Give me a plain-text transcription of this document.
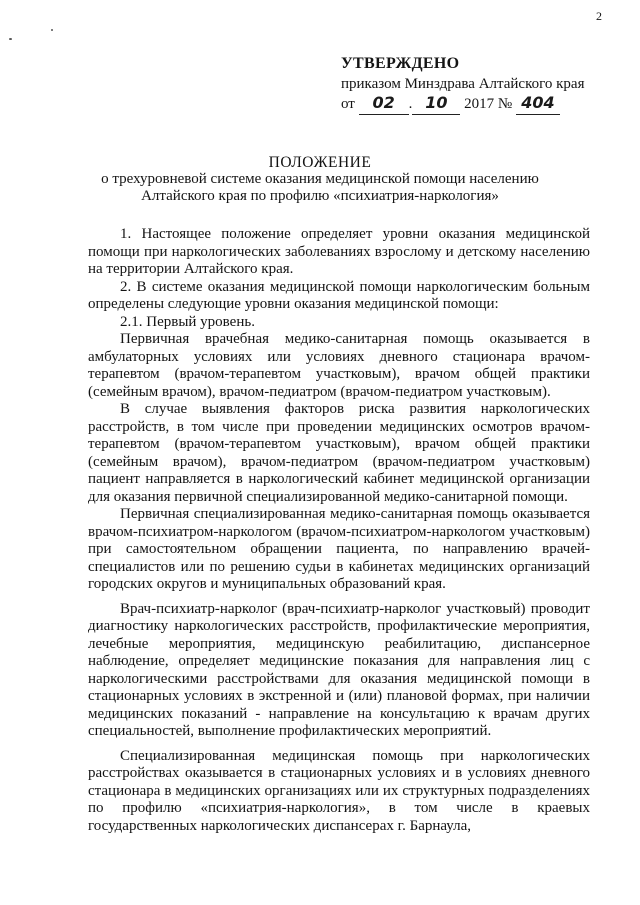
2
УТВЕРЖДЕНО
приказом Минздрава Алтайского края
от 02 . 10 2017 № 404
ПОЛОЖЕНИЕ
о трехуровневой системе оказания медицинской помощи населению
Алтайского края по профилю «психиатрия-наркология»

1. Настоящее положение определяет уровни оказания медицинской помощи при наркологических заболеваниях взрослому и детскому населению на территории Алтайского края.

2. В системе оказания медицинской помощи наркологическим больным определены следующие уровни оказания медицинской помощи:

2.1. Первый уровень.

Первичная врачебная медико-санитарная помощь оказывается в амбулаторных условиях или условиях дневного стационара врачом-терапевтом (врачом-терапевтом участковым), врачом общей практики (семейным врачом), врачом-педиатром (врачом-педиатром участковым).

В случае выявления факторов риска развития наркологических расстройств, в том числе при проведении медицинских осмотров врачом-терапевтом (врачом-терапевтом участковым), врачом общей практики (семейным врачом), врачом-педиатром (врачом-педиатром участковым) пациент направляется в наркологический кабинет медицинской организации для оказания первичной специализированной медико-санитарной помощи.

Первичная специализированная медико-санитарная помощь оказывается врачом-психиатром-наркологом (врачом-психиатром-наркологом участковым) при самостоятельном обращении пациента, по направлению врачей-специалистов или по решению судьи в кабинетах медицинских организаций городских округов и муниципальных образований края.

Врач-психиатр-нарколог (врач-психиатр-нарколог участковый) проводит диагностику наркологических расстройств, профилактические мероприятия, лечебные мероприятия, медицинскую реабилитацию, диспансерное наблюдение, определяет медицинские показания для направления лиц с наркологическими расстройствами для оказания медицинской помощи в стационарных условиях в экстренной и (или) плановой формах, при наличии медицинских показаний - направление на консультацию к врачам других специальностей, выполнение профилактических мероприятий.

Специализированная медицинская помощь при наркологических расстройствах оказывается в стационарных условиях и в условиях дневного стационара в медицинских организациях или их структурных подразделениях по профилю «психиатрия-наркология», в том числе в краевых государственных наркологических диспансерах г. Барнаула,
